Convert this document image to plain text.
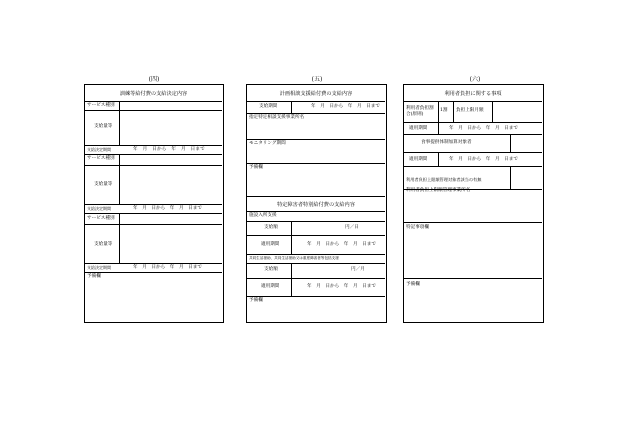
(四)
訓練等給付費の支給決定内容
サービス種別
支給量等
支給決定期間	年　月　日から　年　月　日まで
サービス種別
支給量等
支給決定期間	年　月　日から　年　月　日まで
サービス種別
支給量等
支給決定期間	年　月　日から　年　月　日まで
予備欄
(五)
計画相談支援給付費の支給内容
支給期間	年　月　日から　年　月　日まで
指定特定相談支援事業所名
モニタリング期間
予備欄
特定障害者特別給付費の支給内容
施設入所支援
支給額	円／日
適用期間	年　月　日から　年　月　日まで
共同生活援助、共同生活援助又は重度障害者等包括支援
支給額	円／月
適用期間	年　月　日から　年　月　日まで
予備欄
(六)
利用者負担に関する事項
利用者負担割合(原則)
1割 負担上限月額
適用期間	年　月　日から　年　月　日まで
食事提供体制加算対象者
適用期間	年　月　日から　年　月　日まで
利用者負担上限額管理対象者該当の有無
利用者負担上限額管理事業所名
特記事項欄
予備欄
